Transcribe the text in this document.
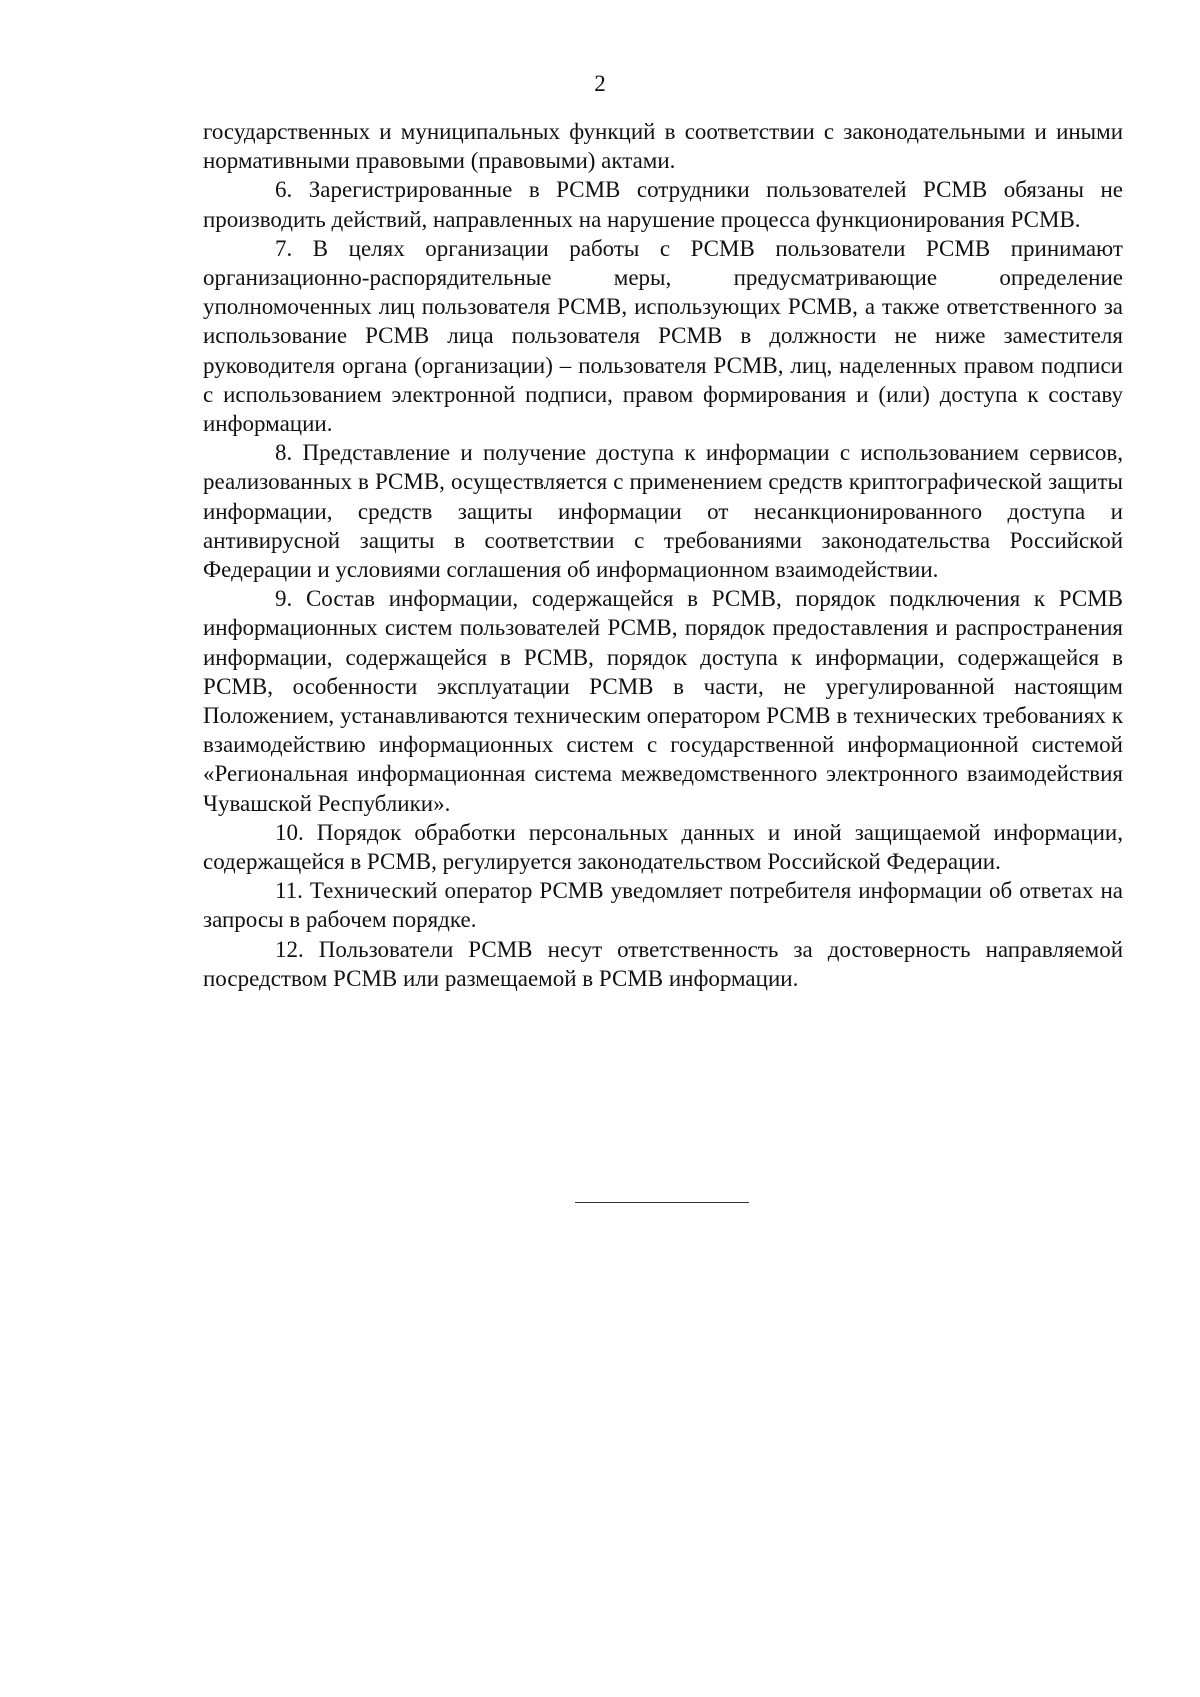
2

государственных и муниципальных функций в соответствии с законодательными и иными нормативными правовыми (правовыми) актами.

6. Зарегистрированные в РСМВ сотрудники пользователей РСМВ обязаны не производить действий, направленных на нарушение процесса функционирования РСМВ.

7. В целях организации работы с РСМВ пользователи РСМВ принимают организационно-распорядительные меры, предусматривающие определение уполномоченных лиц пользователя РСМВ, использующих РСМВ, а также ответственного за использование РСМВ лица пользователя РСМВ в должности не ниже заместителя руководителя органа (организации) – пользователя РСМВ, лиц, наделенных правом подписи с использованием электронной подписи, правом формирования и (или) доступа к составу информации.

8. Представление и получение доступа к информации с использованием сервисов, реализованных в РСМВ, осуществляется с применением средств криптографической защиты информации, средств защиты информации от несанкционированного доступа и антивирусной защиты в соответствии с требованиями законодательства Российской Федерации и условиями соглашения об информационном взаимодействии.

9. Состав информации, содержащейся в РСМВ, порядок подключения к РСМВ информационных систем пользователей РСМВ, порядок предоставления и распространения информации, содержащейся в РСМВ, порядок доступа к информации, содержащейся в РСМВ, особенности эксплуатации РСМВ в части, не урегулированной настоящим Положением, устанавливаются техническим оператором РСМВ в технических требованиях к взаимодействию информационных систем с государственной информационной системой «Региональная информационная система межведомственного электронного взаимодействия Чувашской Республики».

10. Порядок обработки персональных данных и иной защищаемой информации, содержащейся в РСМВ, регулируется законодательством Российской Федерации.

11. Технический оператор РСМВ уведомляет потребителя информации об ответах на запросы в рабочем порядке.

12. Пользователи РСМВ несут ответственность за достоверность направляемой посредством РСМВ или размещаемой в РСМВ информации.
